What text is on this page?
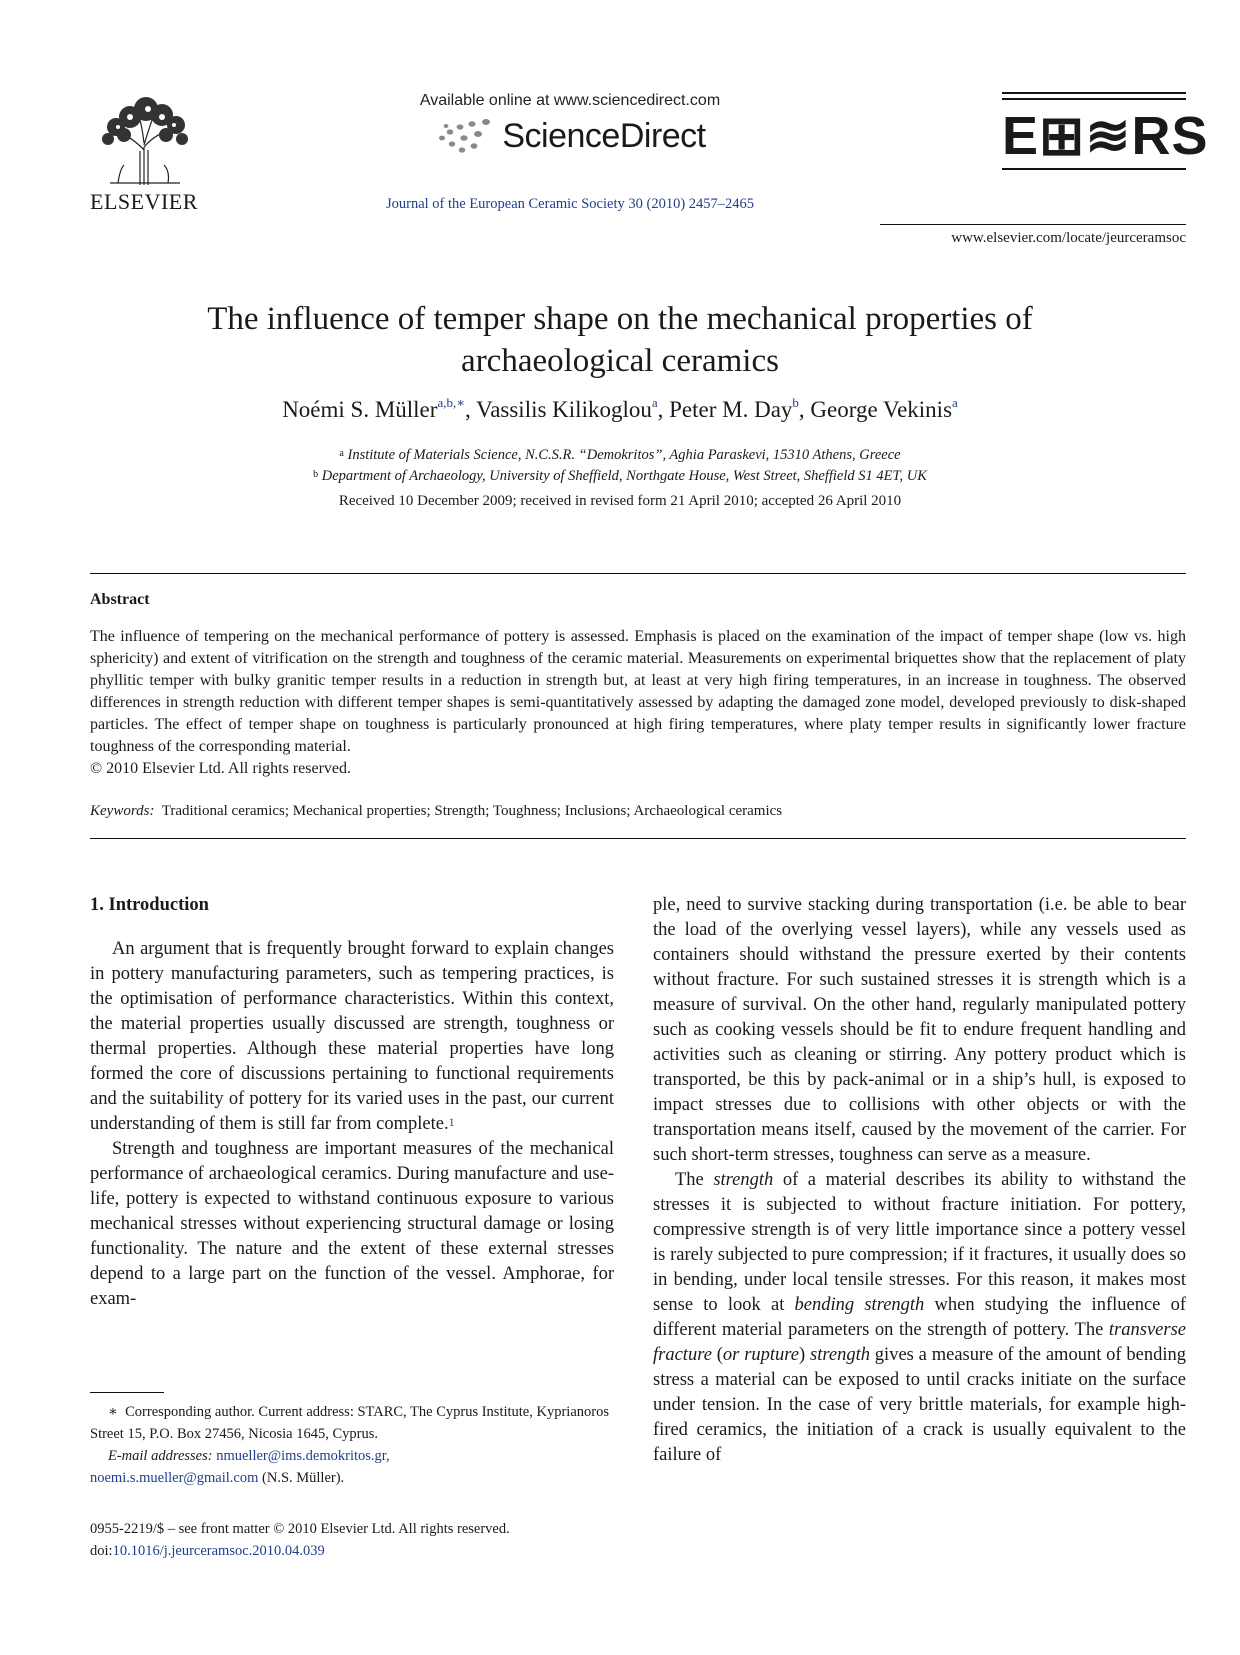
ELSEVIER
Available online at www.sciencedirect.com
ScienceDirect
Journal of the European Ceramic Society 30 (2010) 2457–2465
E⊞≋RS
www.elsevier.com/locate/jeurceramsoc
The influence of temper shape on the mechanical properties of archaeological ceramics
Noémi S. Müller$^{a,b,∗}$, Vassilis Kilikoglou$^a$, Peter M. Day$^b$, George Vekinis$^a$
$^a$ Institute of Materials Science, N.C.S.R. “Demokritos”, Aghia Paraskevi, 15310 Athens, Greece
$^b$ Department of Archaeology, University of Sheffield, Northgate House, West Street, Sheffield S1 4ET, UK
Received 10 December 2009; received in revised form 21 April 2010; accepted 26 April 2010
Abstract
The influence of tempering on the mechanical performance of pottery is assessed. Emphasis is placed on the examination of the impact of temper shape (low vs. high sphericity) and extent of vitrification on the strength and toughness of the ceramic material. Measurements on experimental briquettes show that the replacement of platy phyllitic temper with bulky granitic temper results in a reduction in strength but, at least at very high firing temperatures, in an increase in toughness. The observed differences in strength reduction with different temper shapes is semi-quantitatively assessed by adapting the damaged zone model, developed previously to disk-shaped particles. The effect of temper shape on toughness is particularly pronounced at high firing temperatures, where platy temper results in significantly lower fracture toughness of the corresponding material.
© 2010 Elsevier Ltd. All rights reserved.
Keywords: Traditional ceramics; Mechanical properties; Strength; Toughness; Inclusions; Archaeological ceramics
1. Introduction

An argument that is frequently brought forward to explain changes in pottery manufacturing parameters, such as tempering practices, is the optimisation of performance characteristics. Within this context, the material properties usually discussed are strength, toughness or thermal properties. Although these material properties have long formed the core of discussions pertaining to functional requirements and the suitability of pottery for its varied uses in the past, our current understanding of them is still far from complete.$^1$

Strength and toughness are important measures of the mechanical performance of archaeological ceramics. During manufacture and use-life, pottery is expected to withstand continuous exposure to various mechanical stresses without experiencing structural damage or losing functionality. The nature and the extent of these external stresses depend to a large part on the function of the vessel. Amphorae, for exam-

ple, need to survive stacking during transportation (i.e. be able to bear the load of the overlying vessel layers), while any vessels used as containers should withstand the pressure exerted by their contents without fracture. For such sustained stresses it is strength which is a measure of survival. On the other hand, regularly manipulated pottery such as cooking vessels should be fit to endure frequent handling and activities such as cleaning or stirring. Any pottery product which is transported, be this by pack-animal or in a ship’s hull, is exposed to impact stresses due to collisions with other objects or with the transportation means itself, caused by the movement of the carrier. For such short-term stresses, toughness can serve as a measure.

The strength of a material describes its ability to withstand the stresses it is subjected to without fracture initiation. For pottery, compressive strength is of very little importance since a pottery vessel is rarely subjected to pure compression; if it fractures, it usually does so in bending, under local tensile stresses. For this reason, it makes most sense to look at bending strength when studying the influence of different material parameters on the strength of pottery. The transverse fracture (or rupture) strength gives a measure of the amount of bending stress a material can be exposed to until cracks initiate on the surface under tension. In the case of very brittle materials, for example high-fired ceramics, the initiation of a crack is usually equivalent to the failure of

∗ Corresponding author. Current address: STARC, The Cyprus Institute, Kyprianoros Street 15, P.O. Box 27456, Nicosia 1645, Cyprus.
E-mail addresses: nmueller@ims.demokritos.gr,
noemi.s.mueller@gmail.com (N.S. Müller).
0955-2219/$ – see front matter © 2010 Elsevier Ltd. All rights reserved.
doi:10.1016/j.jeurceramsoc.2010.04.039
